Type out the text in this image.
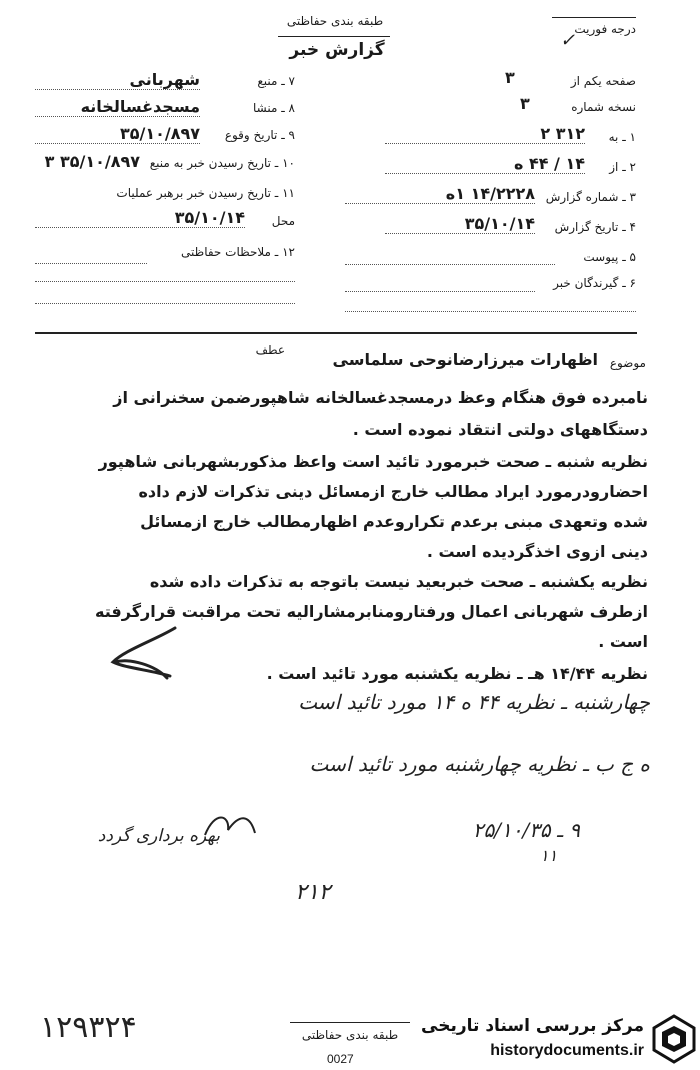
طبقه بندی حفاظتی
گزارش خبر
درجه فوریت
✓
۷ ـ منبع
شهربانی
۸ ـ منشا
مسجدغسالخانه
۹ ـ تاریخ وقوع
۳۵/۱۰/۸۹۷
۱۰ ـ تاریخ رسیدن خبر به منبع
۳۵/۱۰/۸۹۷ ۳
۱۱ ـ تاریخ رسیدن خبر برهبر عملیات
محل
۳۵/۱۰/۱۴
۱۲ ـ ملاحظات حفاظتی
صفحه یکم از
۳
نسخه شماره
۳
۱ ـ به
۳۱۲ ۲
۲ ـ از
۱۴ / ۴۴ ه
۳ ـ شماره گزارش
۱۴/۲۲۲۸ ۱ه
۴ ـ تاریخ گزارش
۳۵/۱۰/۱۴
۵ ـ پیوست
۶ ـ گیرندگان خبر
عطف
موضوع
اظهارات میرزارضانوحی سلماسی
نامبرده فوق هنگام وعظ درمسجدغسالخانه شاهپورضمن سخنرانی از
دستگاههای دولتی انتقاد نموده است .
نظریه شنبه ـ صحت خبرمورد تائید است واعظ مذکوربشهربانی شاهپور
احضارودرمورد ایراد مطالب خارج ازمسائل دینی تذکرات لازم داده
شده وتعهدی مبنی برعدم تکراروعدم اظهارمطالب خارج ازمسائل
دینی ازوی اخذگردیده است .
نظریه یکشنبه ـ صحت خبربعید نیست باتوجه به تذکرات داده شده
ازطرف شهربانی اعمال ورفتارومنابرمشارالیه تحت مراقبت قرارگرفته
است .
نظریه ۱۴/۴۴ هـ ـ نظریه یکشنبه مورد تائید است .
چهارشنبه ـ نظریه ۴۴ ه ۱۴ مورد تائید است
ه ج ب ـ نظریه چهارشنبه مورد تائید است
بهره برداری گردد	۹ ـ ۲۵/۱۰/۳۵
۱۱
۲۱۲
۱۲۹۳۲۴	طبقه بندی حفاظتی
0027
مرکز بررسی اسناد تاریخی
historydocuments.ir
